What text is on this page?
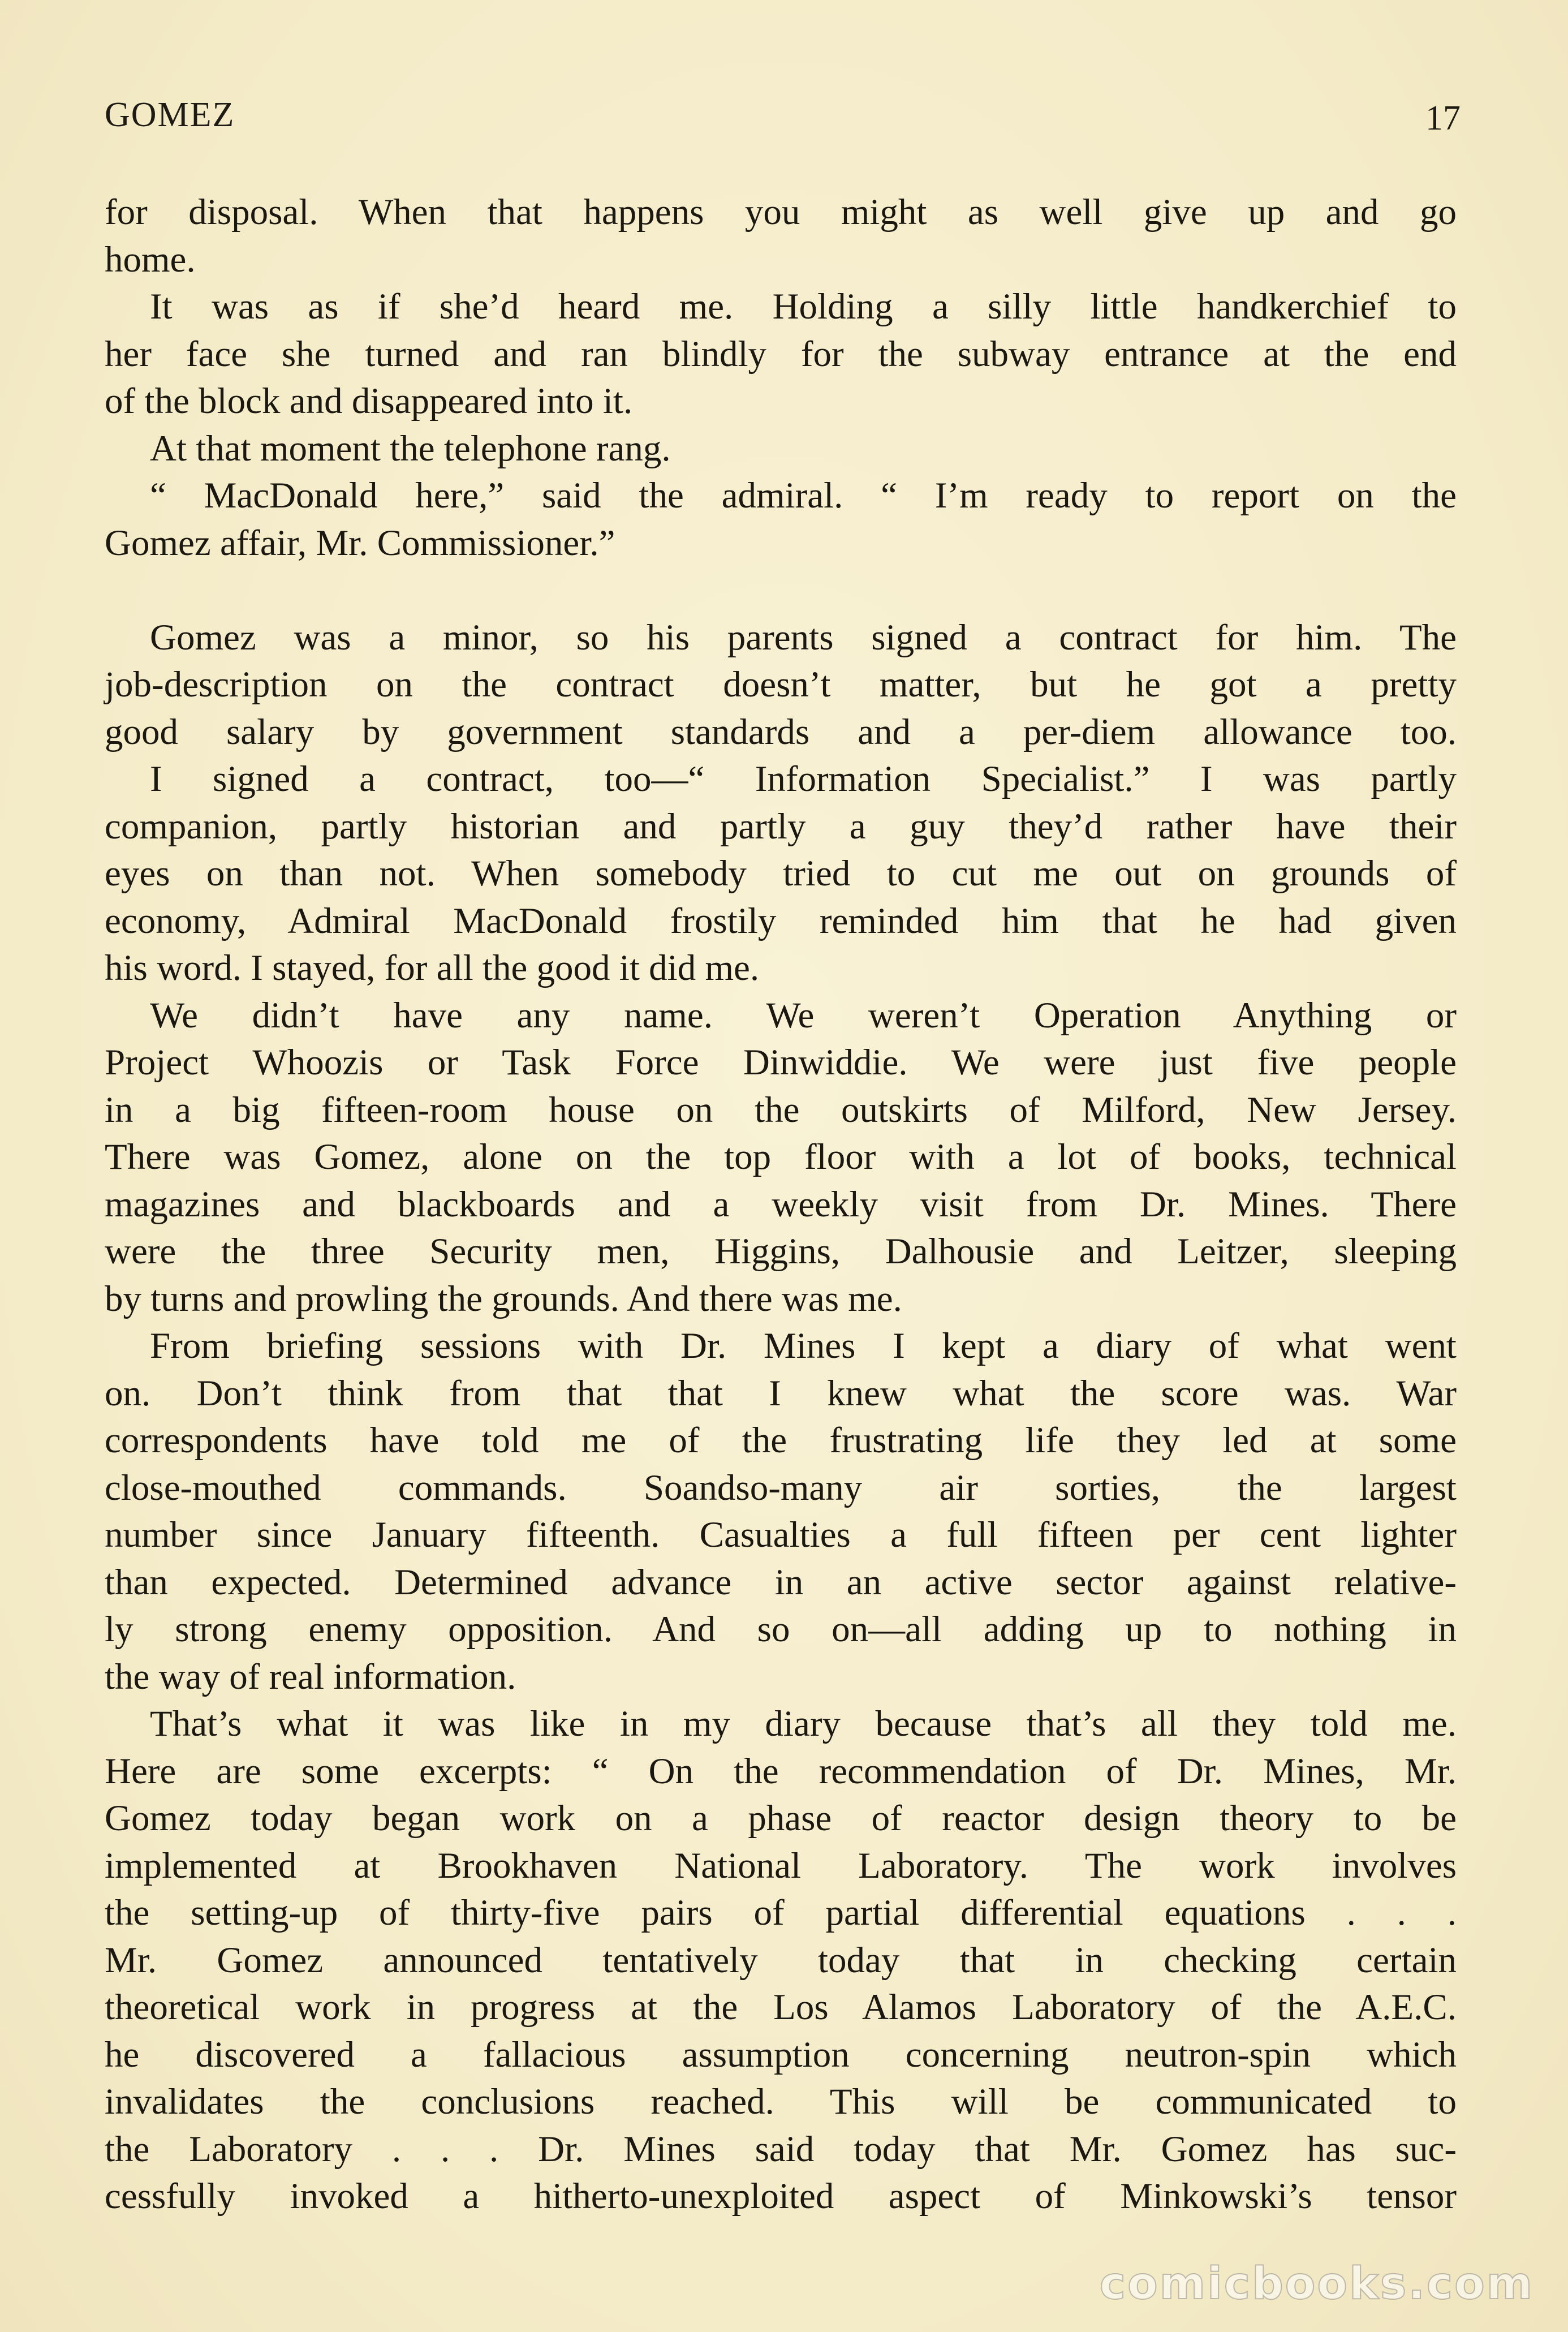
GOMEZ	17
for disposal. When that happens you might as well give up and go
home.
It was as if she’d heard me. Holding a silly little handkerchief to
her face she turned and ran blindly for the subway entrance at the end
of the block and disappeared into it.
At that moment the telephone rang.
“ MacDonald here,” said the admiral. “ I’m ready to report on the
Gomez affair, Mr. Commissioner.”
Gomez was a minor, so his parents signed a contract for him. The
job-description on the contract doesn’t matter, but he got a pretty
good salary by government standards and a per-diem allowance too.
I signed a contract, too—“ Information Specialist.” I was partly
companion, partly historian and partly a guy they’d rather have their
eyes on than not. When somebody tried to cut me out on grounds of
economy, Admiral MacDonald frostily reminded him that he had given
his word. I stayed, for all the good it did me.
We didn’t have any name. We weren’t Operation Anything or
Project Whoozis or Task Force Dinwiddie. We were just five people
in a big fifteen-room house on the outskirts of Milford, New Jersey.
There was Gomez, alone on the top floor with a lot of books, technical
magazines and blackboards and a weekly visit from Dr. Mines. There
were the three Security men, Higgins, Dalhousie and Leitzer, sleeping
by turns and prowling the grounds. And there was me.
From briefing sessions with Dr. Mines I kept a diary of what went
on. Don’t think from that that I knew what the score was. War
correspondents have told me of the frustrating life they led at some
close-mouthed commands. Soandso-many air sorties, the largest
number since January fifteenth. Casualties a full fifteen per cent lighter
than expected. Determined advance in an active sector against relative-
ly strong enemy opposition. And so on—all adding up to nothing in
the way of real information.
That’s what it was like in my diary because that’s all they told me.
Here are some excerpts: “ On the recommendation of Dr. Mines, Mr.
Gomez today began work on a phase of reactor design theory to be
implemented at Brookhaven National Laboratory. The work involves
the setting-up of thirty-five pairs of partial differential equations . . .
Mr. Gomez announced tentatively today that in checking certain
theoretical work in progress at the Los Alamos Laboratory of the A.E.C.
he discovered a fallacious assumption concerning neutron-spin which
invalidates the conclusions reached. This will be communicated to
the Laboratory . . . Dr. Mines said today that Mr. Gomez has suc-
cessfully invoked a hitherto-unexploited aspect of Minkowski’s tensor
comicbooks.com
